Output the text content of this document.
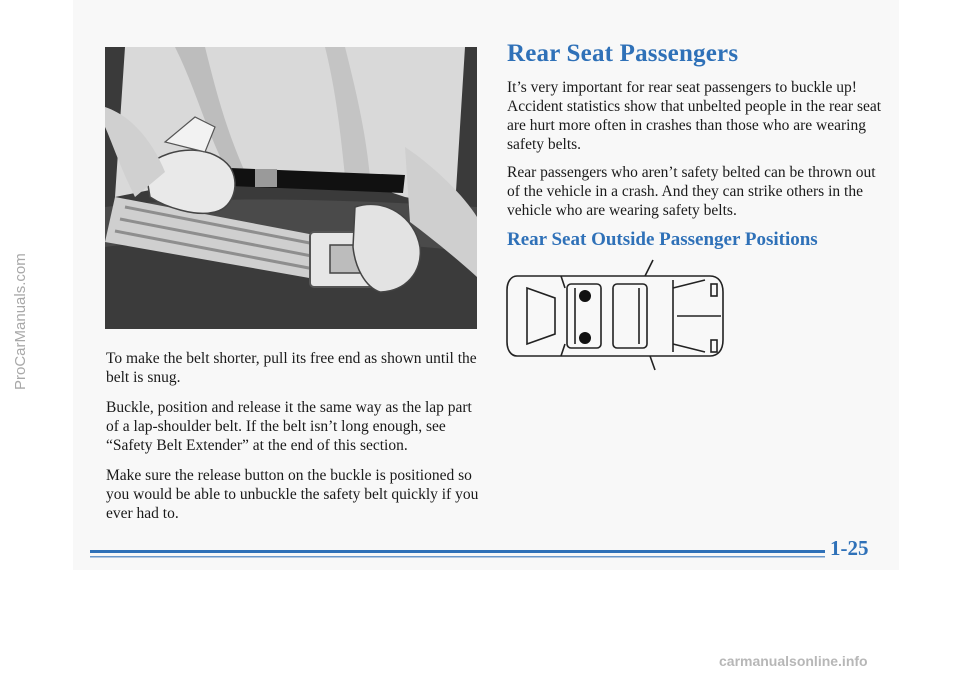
To make the belt shorter, pull its free end as shown until the belt is snug.

Buckle, position and release it the same way as the lap part of a lap-shoulder belt. If the belt isn’t long enough, see “Safety Belt Extender” at the end of this section.

Make sure the release button on the buckle is positioned so you would be able to unbuckle the safety belt quickly if you ever had to.

Rear Seat Passengers

It’s very important for rear seat passengers to buckle up! Accident statistics show that unbelted people in the rear seat are hurt more often in crashes than those who are wearing safety belts.

Rear passengers who aren’t safety belted can be thrown out of the vehicle in a crash. And they can strike others in the vehicle who are wearing safety belts.

Rear Seat Outside Passenger Positions
1-25
ProCarManuals.com
carmanualsonline.info
